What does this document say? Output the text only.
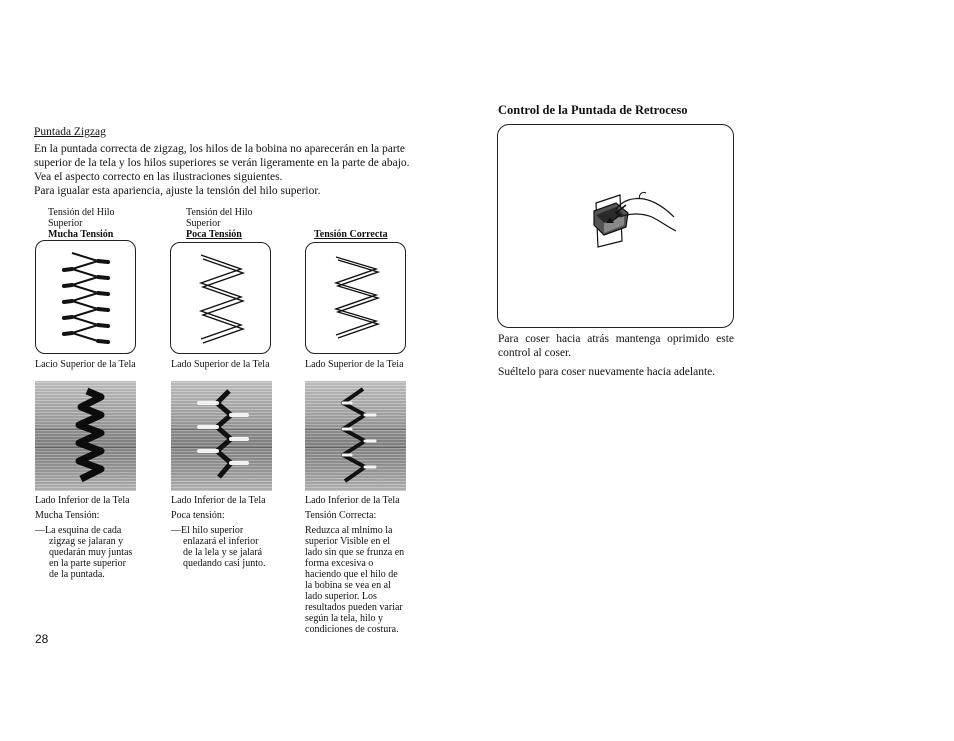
Puntada Zigzag
En la puntada correcta de zigzag, los hilos de la bobina no aparecerán en la parte
superior de la tela y los hilos superiores se verán ligeramente en la parte de abajo.
Vea el aspecto correcto en las ilustraciones siguientes.
Para igualar esta apariencia, ajuste la tensión del hilo superior.
Tensión del Hilo
Superior
Mucha Tensión
Tensión del Hilo
Superior
Poca Tensión	Tensión Correcta
Lacio Superior de la Tela	Lado Superior de la Tela	Lado Superior de la Teia
Lado Inferior de la Tela
Mucha Tensión:
—La esquina de cada
zigzag se jalaran y
quedarán muy juntas
en la parte superior
de la puntada.
Lado Inferior de la Tela
Poca tensión:
—El hilo superior
enlazará el inferior
de la lela y se jalará
quedando casi junto.
Lado Inferior de la Tela
Tensión Correcta:
Reduzca al mlnimo la
superior Visible en el
lado sin que se frunza en
forma excesiva o
haciendo que el hilo de
la bobina se vea en al
lado superior. Los
resultados pueden variar
según la tela, hilo y
condiciones de costura.
28
Control de la Puntada de Retroceso
Para coser hacia atrás mantenga oprimido este
control al coser.
Suéltelo para coser nuevamente hacia adelante.
